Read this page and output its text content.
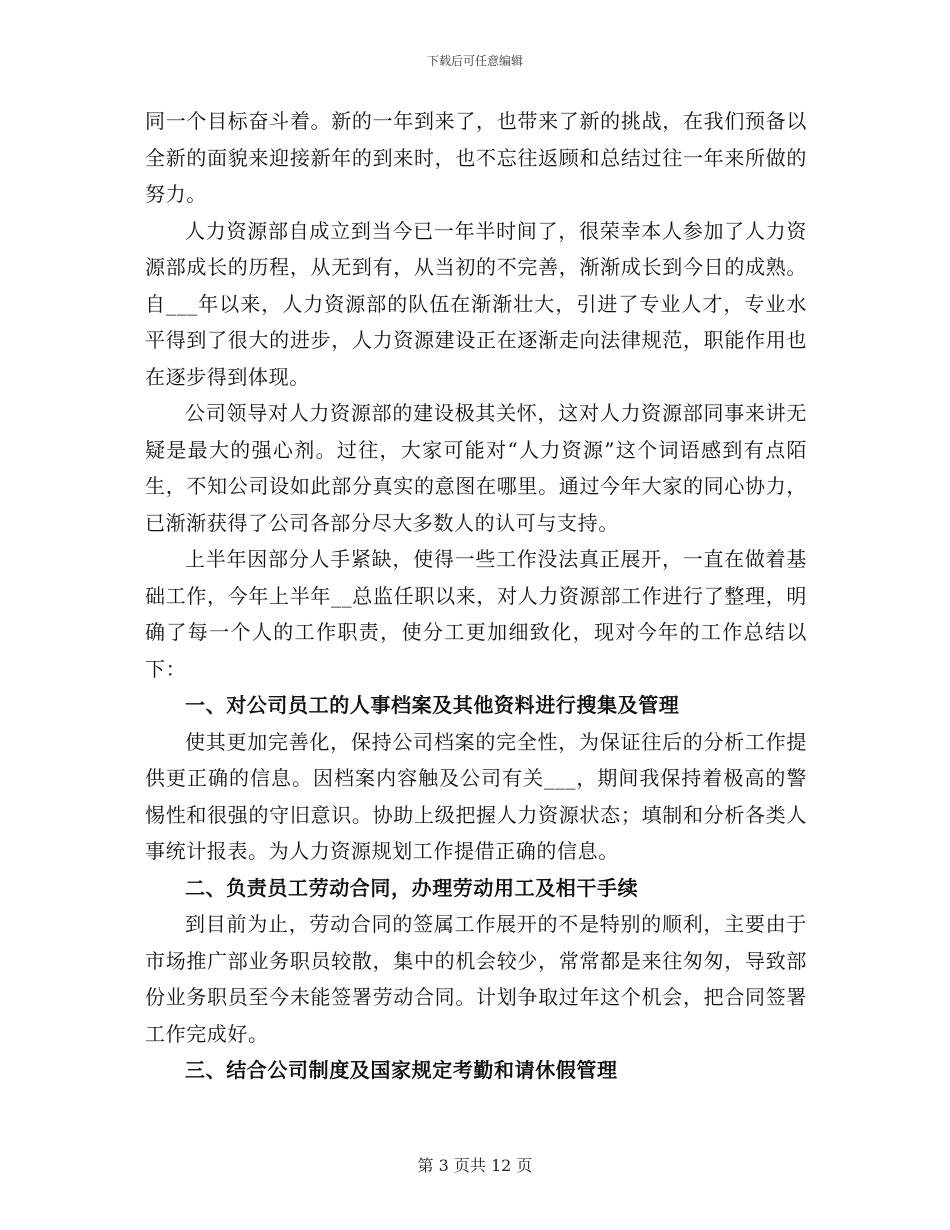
下载后可任意编辑

同一个目标奋斗着。新的一年到来了，也带来了新的挑战，在我们预备以全新的面貌来迎接新年的到来时，也不忘往返顾和总结过往一年来所做的努力。

人力资源部自成立到当今已一年半时间了，很荣幸本人参加了人力资源部成长的历程，从无到有，从当初的不完善，渐渐成长到今日的成熟。自___年以来，人力资源部的队伍在渐渐壮大，引进了专业人才，专业水平得到了很大的进步，人力资源建设正在逐渐走向法律规范，职能作用也在逐步得到体现。

公司领导对人力资源部的建设极其关怀，这对人力资源部同事来讲无疑是最大的强心剂。过往，大家可能对“人力资源”这个词语感到有点陌生，不知公司设如此部分真实的意图在哪里。通过今年大家的同心协力，已渐渐获得了公司各部分尽大多数人的认可与支持。

上半年因部分人手紧缺，使得一些工作没法真正展开，一直在做着基础工作，今年上半年__总监任职以来，对人力资源部工作进行了整理，明确了每一个人的工作职责，使分工更加细致化，现对今年的工作总结以下：

一、对公司员工的人事档案及其他资料进行搜集及管理

使其更加完善化，保持公司档案的完全性，为保证往后的分析工作提供更正确的信息。因档案内容触及公司有关___，期间我保持着极高的警惕性和很强的守旧意识。协助上级把握人力资源状态；填制和分析各类人事统计报表。为人力资源规划工作提借正确的信息。

二、负责员工劳动合同，办理劳动用工及相干手续

到目前为止，劳动合同的签属工作展开的不是特别的顺利，主要由于市场推广部业务职员较散，集中的机会较少，常常都是来往匆匆，导致部份业务职员至今未能签署劳动合同。计划争取过年这个机会，把合同签署工作完成好。

三、结合公司制度及国家规定考勤和请休假管理

第 3 页共 12 页
